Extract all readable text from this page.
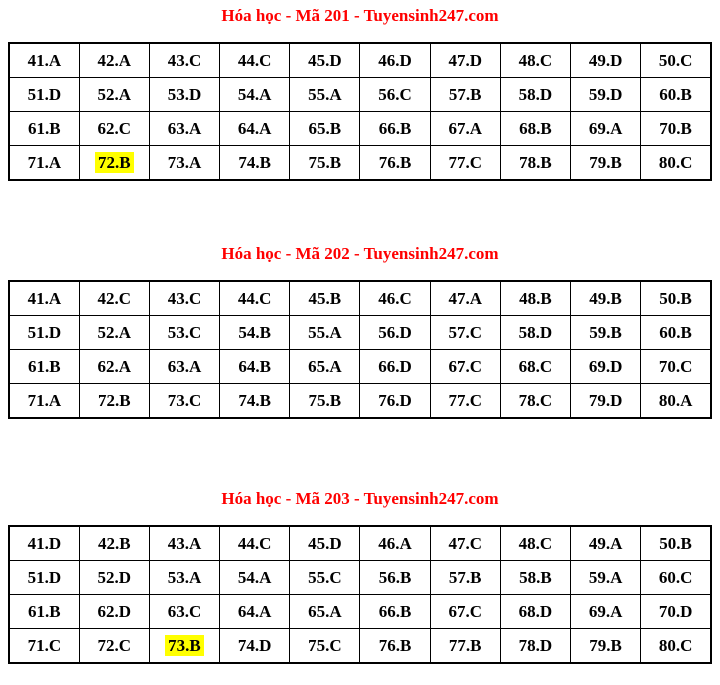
Hóa học - Mã 201 - Tuyensinh247.com
41.A	42.A	43.C	44.C	45.D	46.D	47.D	48.C	49.D	50.C
51.D	52.A	53.D	54.A	55.A	56.C	57.B	58.D	59.D	60.B
61.B	62.C	63.A	64.A	65.B	66.B	67.A	68.B	69.A	70.B
71.A	72.B	73.A	74.B	75.B	76.B	77.C	78.B	79.B	80.C
Hóa học - Mã 202 - Tuyensinh247.com
41.A	42.C	43.C	44.C	45.B	46.C	47.A	48.B	49.B	50.B
51.D	52.A	53.C	54.B	55.A	56.D	57.C	58.D	59.B	60.B
61.B	62.A	63.A	64.B	65.A	66.D	67.C	68.C	69.D	70.C
71.A	72.B	73.C	74.B	75.B	76.D	77.C	78.C	79.D	80.A
Hóa học - Mã 203 - Tuyensinh247.com
41.D	42.B	43.A	44.C	45.D	46.A	47.C	48.C	49.A	50.B
51.D	52.D	53.A	54.A	55.C	56.B	57.B	58.B	59.A	60.C
61.B	62.D	63.C	64.A	65.A	66.B	67.C	68.D	69.A	70.D
71.C	72.C	73.B	74.D	75.C	76.B	77.B	78.D	79.B	80.C
